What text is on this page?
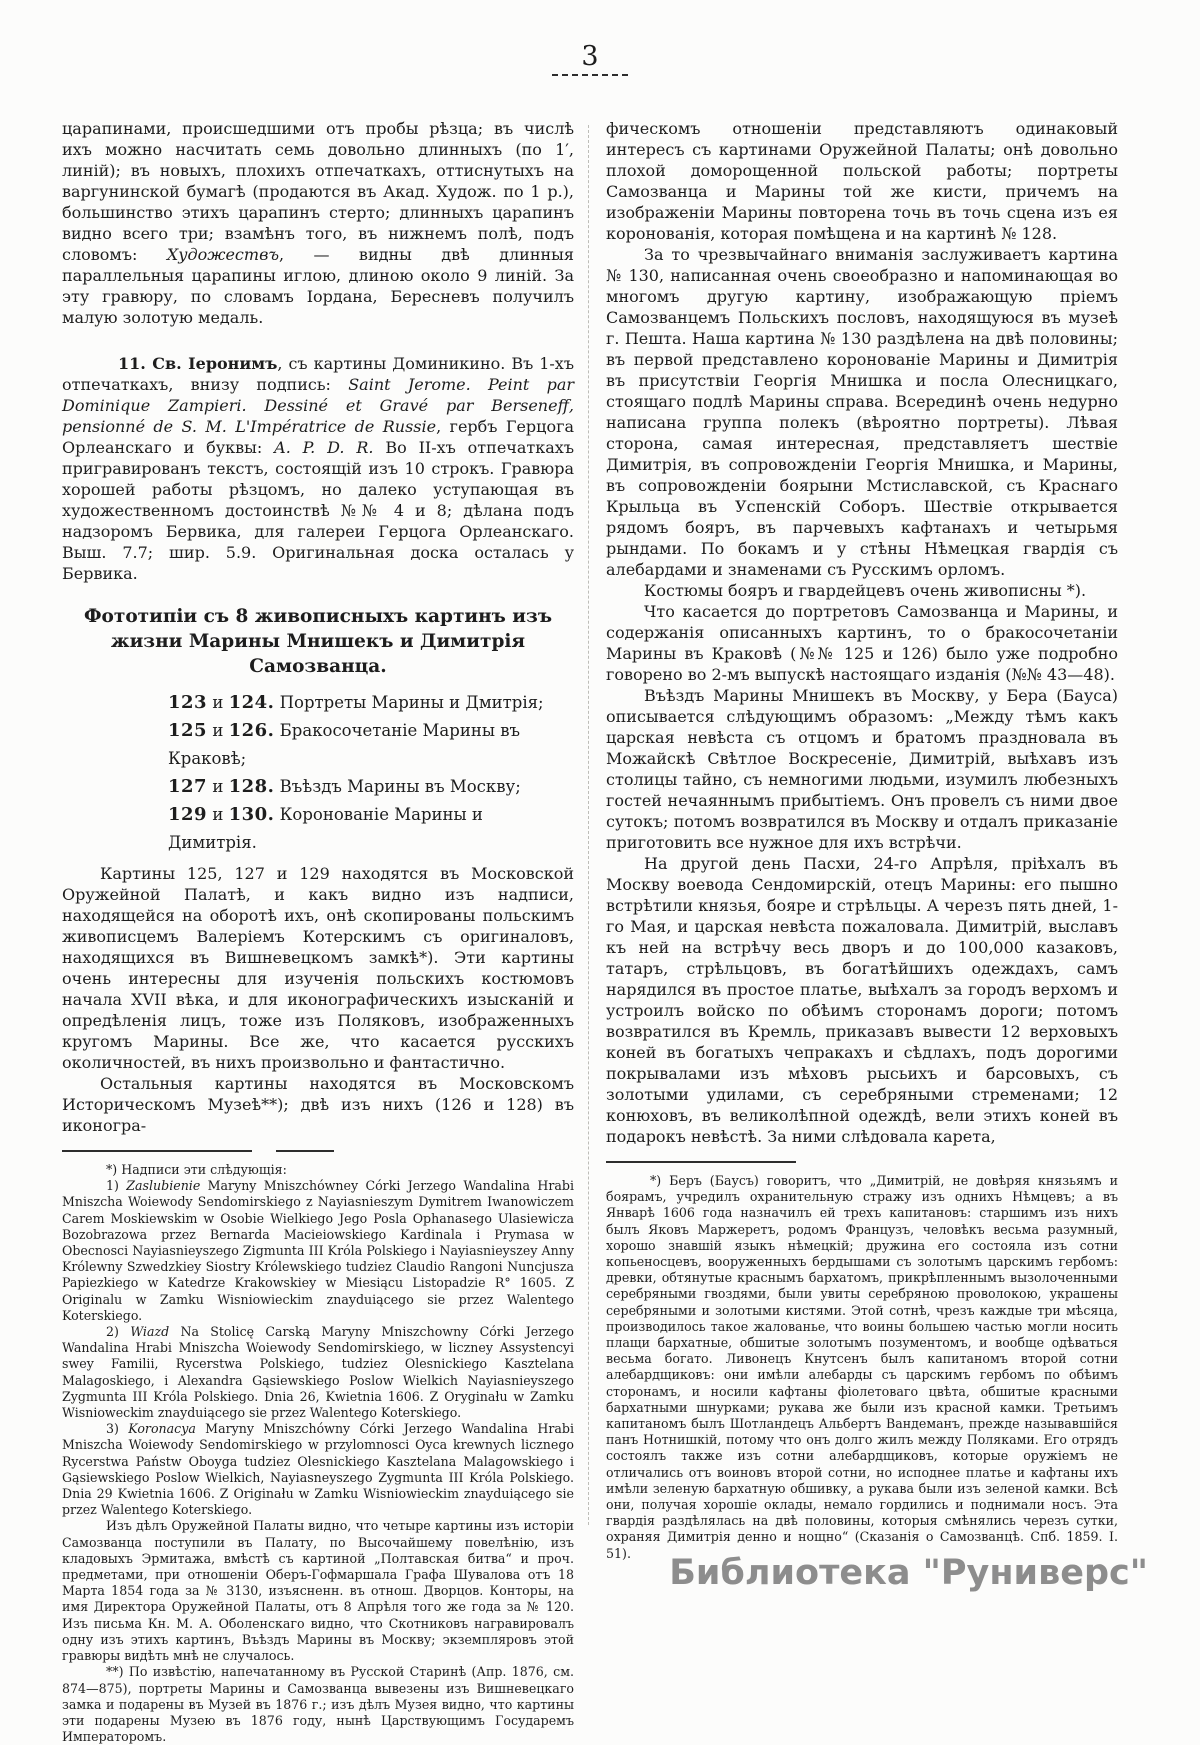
3

царапинами, происшедшими отъ пробы рѣзца; въ числѣ ихъ можно насчитать семь довольно длинныхъ (по 1′, линій); въ новыхъ, плохихъ отпечаткахъ, оттиснутыхъ на варгунинской бумагѣ (продаются въ Акад. Худож. по 1 р.), большинство этихъ царапинъ стерто; длинныхъ царапинъ видно всего три; взамѣнъ того, въ нижнемъ полѣ, подъ словомъ: Художествъ, — видны двѣ длинныя параллельныя царапины иглою, длиною около 9 линій. За эту гравюру, по словамъ Іордана, Бересневъ получилъ малую золотую медаль.

11. Св. Іеронимъ, съ картины Доминикино. Въ 1-хъ отпечаткахъ, внизу подпись: Saint Jerome. Peint par Dominique Zampieri. Dessiné et Gravé par Berseneff, pensionné de S. M. L'Impératrice de Russie, гербъ Герцога Орлеанскаго и буквы: A. P. D. R. Во II-хъ отпечаткахъ пригравированъ текстъ, состоящій изъ 10 строкъ. Гравюра хорошей работы рѣзцомъ, но далеко уступающая въ художественномъ достоинствѣ №№ 4 и 8; дѣлана подъ надзоромъ Бервика, для галереи Герцога Орлеанскаго. Выш. 7.7; шир. 5.9. Оригинальная доска осталась у Бервика.

Фототипіи съ 8 живописныхъ картинъ изъ жизни Марины Мнишекъ и Димитрія Самозванца.

123 и 124. Портреты Марины и Дмитрія;

125 и 126. Бракосочетаніе Марины въ Краковѣ;

127 и 128. Въѣздъ Марины въ Москву;

129 и 130. Коронованіе Марины и Димитрія.

Картины 125, 127 и 129 находятся въ Московской Оружейной Палатѣ, и какъ видно изъ надписи, находящейся на оборотѣ ихъ, онѣ скопированы польскимъ живописцемъ Валеріемъ Котерскимъ съ оригиналовъ, находящихся въ Вишневецкомъ замкѣ*). Эти картины очень интересны для изученія польскихъ костюмовъ начала XVII вѣка, и для иконографическихъ изысканій и опредѣленія лицъ, тоже изъ Поляковъ, изображенныхъ кругомъ Марины. Все же, что касается русскихъ околичностей, въ нихъ произвольно и фантастично.

Остальныя картины находятся въ Московскомъ Историческомъ Музеѣ**); двѣ изъ нихъ (126 и 128) въ иконогра-

*) Надписи эти слѣдующія:

1) Zaslubienie Maryny Mniszchówney Córki Jerzego Wandalina Hrabi Mniszcha Woiewody Sendomirskiego z Nayiasnieszym Dymitrem Iwanowiczem Carem Moskiewskim w Osobie Wielkiego Jego Posla Ophanasego Ulasiewicza Bozobrazowa przez Bernarda Macieiowskiego Kardinala i Prymasa w Obecnosci Nayiasnieyszego Zigmunta III Króla Polskiego i Nayiasnieyszey Anny Królewny Szwedzkiey Siostry Królewskiego tudziez Claudio Rangoni Nuncjusza Papiezkiego w Katedrze Krakowskiey w Miesiącu Listopadzie R° 1605. Z Originalu w Zamku Wisniowieckim znayduiącego sie przez Walentego Koterskiego.

2) Wiazd Na Stolicę Carską Maryny Mniszchowny Córki Jerzego Wandalina Hrabi Mniszcha Woiewody Sendomirskiego, w liczney Assystencyi swey Familii, Rycerstwa Polskiego, tudziez Olesnickiego Kasztelana Malagoskiego, i Alexandra Gąsiewskiego Poslow Wielkich Nayiasnieyszego Zygmunta III Króla Polskiego. Dnia 26, Kwietnia 1606. Z Oryginału w Zamku Wisnioweckim znayduiącego sie przez Walentego Koterskiego.

3) Koronacya Maryny Mniszchówny Córki Jerzego Wandalina Hrabi Mniszcha Woiewody Sendomirskiego w przylomnosci Oyca krewnych licznego Rycerstwa Państw Oboyga tudziez Olesnickiego Kasztelana Malagowskiego i Gąsiewskiego Poslow Wielkich, Nayiasneyszego Zygmunta III Króla Polskiego. Dnia 29 Kwietnia 1606. Z Originału w Zamku Wisniowieckim znayduiącego sie przez Walentego Koterskiego.

Изъ дѣлъ Оружейной Палаты видно, что четыре картины изъ исторіи Самозванца поступили въ Палату, по Высочайшему повелѣнію, изъ кладовыхъ Эрмитажа, вмѣстѣ съ картиной „Полтавская битва“ и проч. предметами, при отношеніи Оберъ-Гофмаршала Графа Шувалова отъ 18 Марта 1854 года за № 3130, изъясненн. въ отнош. Дворцов. Конторы, на имя Директора Оружейной Палаты, отъ 8 Апрѣля того же года за № 120. Изъ письма Кн. М. А. Оболенскаго видно, что Скотниковъ награвировалъ одну изъ этихъ картинъ, Въѣздъ Марины въ Москву; экземпляровъ этой гравюры видѣть мнѣ не случалось.

**) По извѣстію, напечатанному въ Русской Старинѣ (Апр. 1876, см. 874—875), портреты Марины и Самозванца вывезены изъ Вишневецкаго замка и подарены въ Музей въ 1876 г.; изъ дѣлъ Музея видно, что картины эти подарены Музею въ 1876 году, нынѣ Царствующимъ Государемъ Императоромъ.

фическомъ отношеніи представляютъ одинаковый интересъ съ картинами Оружейной Палаты; онѣ довольно плохой доморощенной польской работы; портреты Самозванца и Марины той же кисти, причемъ на изображеніи Марины повторена точь въ точь сцена изъ ея коронованія, которая помѣщена и на картинѣ № 128.

За то чрезвычайнаго вниманія заслуживаетъ картина № 130, написанная очень своеобразно и напоминающая во многомъ другую картину, изображающую пріемъ Самозванцемъ Польскихъ пословъ, находящуюся въ музеѣ г. Пешта. Наша картина № 130 раздѣлена на двѣ половины; въ первой представлено коронованіе Марины и Димитрія въ присутствіи Георгія Мнишка и посла Олесницкаго, стоящаго подлѣ Марины справа. Всерединѣ очень недурно написана группа полекъ (вѣроятно портреты). Лѣвая сторона, самая интересная, представляетъ шествіе Димитрія, въ сопровожденіи Георгія Мнишка, и Марины, въ сопровожденіи боярыни Мстиславской, съ Краснаго Крыльца въ Успенскій Соборъ. Шествіе открывается рядомъ бояръ, въ парчевыхъ кафтанахъ и четырьмя рындами. По бокамъ и у стѣны Нѣмецкая гвардія съ алебардами и знаменами съ Русскимъ орломъ.

Костюмы бояръ и гвардейцевъ очень живописны *).

Что касается до портретовъ Самозванца и Марины, и содержанія описанныхъ картинъ, то о бракосочетаніи Марины въ Краковѣ (№№ 125 и 126) было уже подробно говорено во 2-мъ выпускѣ настоящаго изданія (№№ 43—48).

Въѣздъ Марины Мнишекъ въ Москву, у Бера (Бауса) описывается слѣдующимъ образомъ: „Между тѣмъ какъ царская невѣста съ отцомъ и братомъ праздновала въ Можайскѣ Свѣтлое Воскресеніе, Димитрій, выѣхавъ изъ столицы тайно, съ немногими людьми, изумилъ любезныхъ гостей нечаяннымъ прибытіемъ. Онъ провелъ съ ними двое сутокъ; потомъ возвратился въ Москву и отдалъ приказаніе приготовить все нужное для ихъ встрѣчи.

На другой день Пасхи, 24-го Апрѣля, пріѣхалъ въ Москву воевода Сендомирскій, отецъ Марины: его пышно встрѣтили князья, бояре и стрѣльцы. А черезъ пять дней, 1-го Мая, и царская невѣста пожаловала. Димитрій, выславъ къ ней на встрѣчу весь дворъ и до 100,000 казаковъ, татаръ, стрѣльцовъ, въ богатѣйшихъ одеждахъ, самъ нарядился въ простое платье, выѣхалъ за городъ верхомъ и устроилъ войско по обѣимъ сторонамъ дороги; потомъ возвратился въ Кремль, приказавъ вывести 12 верховыхъ коней въ богатыхъ чепракахъ и сѣдлахъ, подъ дорогими покрывалами изъ мѣховъ рысьихъ и барсовыхъ, съ золотыми удилами, съ серебряными стременами; 12 конюховъ, въ великолѣпной одеждѣ, вели этихъ коней въ подарокъ невѣстѣ. За ними слѣдовала карета,

*) Беръ (Баусъ) говоритъ, что „Димитрій, не довѣряя князьямъ и боярамъ, учредилъ охранительную стражу изъ однихъ Нѣмцевъ; а въ Январѣ 1606 года назначилъ ей трехъ капитановъ: старшимъ изъ нихъ былъ Яковъ Маржеретъ, родомъ Французъ, человѣкъ весьма разумный, хорошо знавшій языкъ нѣмецкій; дружина его состояла изъ сотни копьеносцевъ, вооруженныхъ бердышами съ золотымъ царскимъ гербомъ: древки, обтянутые краснымъ бархатомъ, прикрѣпленнымъ вызолоченными серебряными гвоздями, были увиты серебряною проволокою, украшены серебряными и золотыми кистями. Этой сотнѣ, чрезъ каждые три мѣсяца, производилось такое жалованье, что воины большею частью могли носить плащи бархатные, обшитые золотымъ позументомъ, и вообще одѣваться весьма богато. Ливонецъ Кнутсенъ былъ капитаномъ второй сотни алебардщиковъ: они имѣли алебарды съ царскимъ гербомъ по обѣимъ сторонамъ, и носили кафтаны фіолетоваго цвѣта, обшитые красными бархатными шнурками; рукава же были изъ красной камки. Третьимъ капитаномъ былъ Шотландецъ Альбертъ Вандеманъ, прежде называвшійся панъ Нотнишкій, потому что онъ долго жилъ между Поляками. Его отрядъ состоялъ также изъ сотни алебардщиковъ, которые оружіемъ не отличались отъ воиновъ второй сотни, но исподнее платье и кафтаны ихъ имѣли зеленую бархатную обшивку, а рукава были изъ зеленой камки. Всѣ они, получая хорошіе оклады, немало гордились и поднимали носъ. Эта гвардія раздѣлялась на двѣ половины, которыя смѣнялись черезъ сутки, охраняя Димитрія денно и нощно“ (Сказанія о Самозванцѣ. Спб. 1859. I. 51).	Библиотека "Руниверс"
